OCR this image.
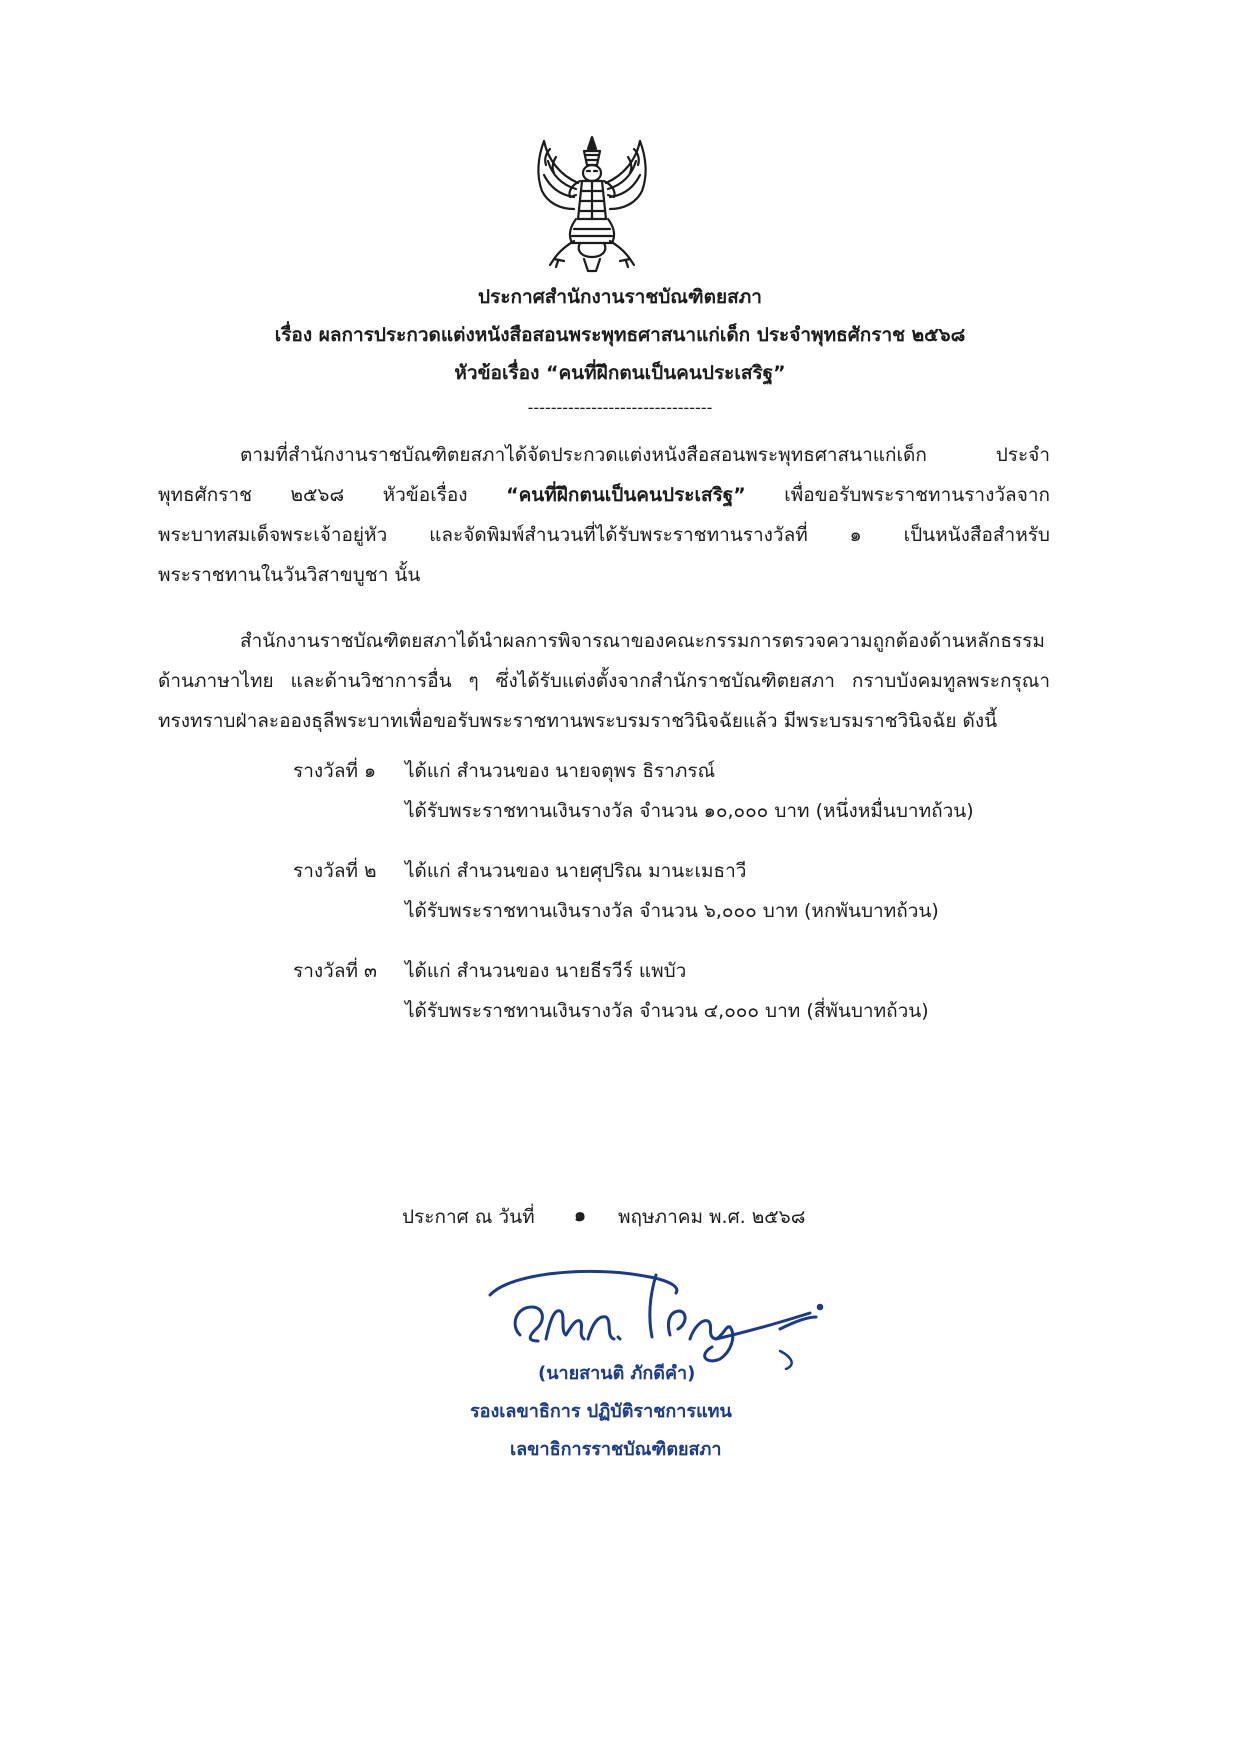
ประกาศสำนักงานราชบัณฑิตยสภา
เรื่อง ผลการประกวดแต่งหนังสือสอนพระพุทธศาสนาแก่เด็ก ประจำพุทธศักราช ๒๕๖๘
หัวข้อเรื่อง “คนที่ฝึกตนเป็นคนประเสริฐ”
--------------------------------
ตามที่สำนักงานราชบัณฑิตยสภาได้จัดประกวดแต่งหนังสือสอนพระพุทธศาสนาแก่เด็ก ประจำ
พุทธศักราช ๒๕๖๘ หัวข้อเรื่อง “คนที่ฝึกตนเป็นคนประเสริฐ” เพื่อขอรับพระราชทานรางวัลจาก
พระบาทสมเด็จพระเจ้าอยู่หัว และจัดพิมพ์สำนวนที่ได้รับพระราชทานรางวัลที่ ๑ เป็นหนังสือสำหรับ
พระราชทานในวันวิสาขบูชา นั้น
สำนักงานราชบัณฑิตยสภาได้นำผลการพิจารณาของคณะกรรมการตรวจความถูกต้องด้านหลักธรรม
ด้านภาษาไทย และด้านวิชาการอื่น ๆ ซึ่งได้รับแต่งตั้งจากสำนักราชบัณฑิตยสภา กราบบังคมทูลพระกรุณา
ทรงทราบฝ่าละอองธุลีพระบาทเพื่อขอรับพระราชทานพระบรมราชวินิจฉัยแล้ว มีพระบรมราชวินิจฉัย ดังนี้
รางวัลที่ ๑ ได้แก่ สำนวนของ นายจตุพร ธิราภรณ์
ได้รับพระราชทานเงินรางวัล จำนวน ๑๐,๐๐๐ บาท (หนึ่งหมื่นบาทถ้วน)
รางวัลที่ ๒ ได้แก่ สำนวนของ นายศุปริณ มานะเมธาวี
ได้รับพระราชทานเงินรางวัล จำนวน ๖,๐๐๐ บาท (หกพันบาทถ้วน)
รางวัลที่ ๓ ได้แก่ สำนวนของ นายธีรวีร์ แพบัว
ได้รับพระราชทานเงินรางวัล จำนวน ๔,๐๐๐ บาท (สี่พันบาทถ้วน)
ประกาศ ณ วันที่ ๑ พฤษภาคม พ.ศ. ๒๕๖๘
(นายสานติ ภักดีคำ)
รองเลขาธิการ ปฏิบัติราชการแทน
เลขาธิการราชบัณฑิตยสภา
